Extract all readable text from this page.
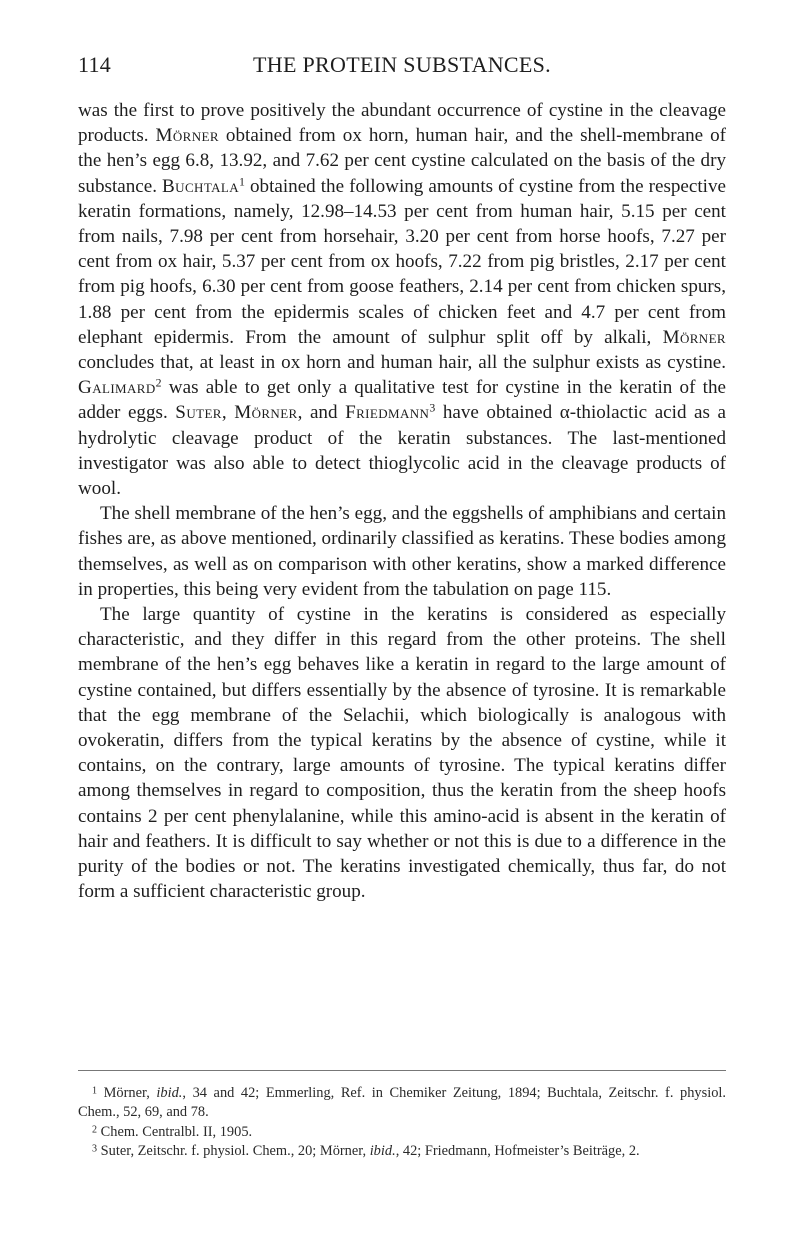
114	THE PROTEIN SUBSTANCES.

was the first to prove positively the abundant occurrence of cystine in the cleavage products. Mörner obtained from ox horn, human hair, and the shell-membrane of the hen’s egg 6.8, 13.92, and 7.62 per cent cystine calculated on the basis of the dry substance. Buchtala$^1$ obtained the following amounts of cystine from the respective keratin formations, namely, 12.98–14.53 per cent from human hair, 5.15 per cent from nails, 7.98 per cent from horsehair, 3.20 per cent from horse hoofs, 7.27 per cent from ox hair, 5.37 per cent from ox hoofs, 7.22 from pig bristles, 2.17 per cent from pig hoofs, 6.30 per cent from goose feathers, 2.14 per cent from chicken spurs, 1.88 per cent from the epidermis scales of chicken feet and 4.7 per cent from elephant epidermis. From the amount of sulphur split off by alkali, Mörner concludes that, at least in ox horn and human hair, all the sulphur exists as cystine. Galimard$^2$ was able to get only a qualitative test for cystine in the keratin of the adder eggs. Suter, Mörner, and Friedmann$^3$ have obtained α-thiolactic acid as a hydrolytic cleavage product of the keratin substances. The last-mentioned investigator was also able to detect thioglycolic acid in the cleavage products of wool.

The shell membrane of the hen’s egg, and the eggshells of amphibians and certain fishes are, as above mentioned, ordinarily classified as keratins. These bodies among themselves, as well as on comparison with other keratins, show a marked difference in properties, this being very evident from the tabulation on page 115.

The large quantity of cystine in the keratins is considered as especially characteristic, and they differ in this regard from the other proteins. The shell membrane of the hen’s egg behaves like a keratin in regard to the large amount of cystine contained, but differs essentially by the absence of tyrosine. It is remarkable that the egg membrane of the Selachii, which biologically is analogous with ovokeratin, differs from the typical keratins by the absence of cystine, while it contains, on the contrary, large amounts of tyrosine. The typical keratins differ among themselves in regard to composition, thus the keratin from the sheep hoofs contains 2 per cent phenylalanine, while this amino-acid is absent in the keratin of hair and feathers. It is difficult to say whether or not this is due to a difference in the purity of the bodies or not. The keratins investigated chemically, thus far, do not form a sufficient characteristic group.

$^1$ Mörner, ibid., 34 and 42; Emmerling, Ref. in Chemiker Zeitung, 1894; Buchtala, Zeitschr. f. physiol. Chem., 52, 69, and 78.

$^2$ Chem. Centralbl. II, 1905.

$^3$ Suter, Zeitschr. f. physiol. Chem., 20; Mörner, ibid., 42; Friedmann, Hofmeister’s Beiträge, 2.
